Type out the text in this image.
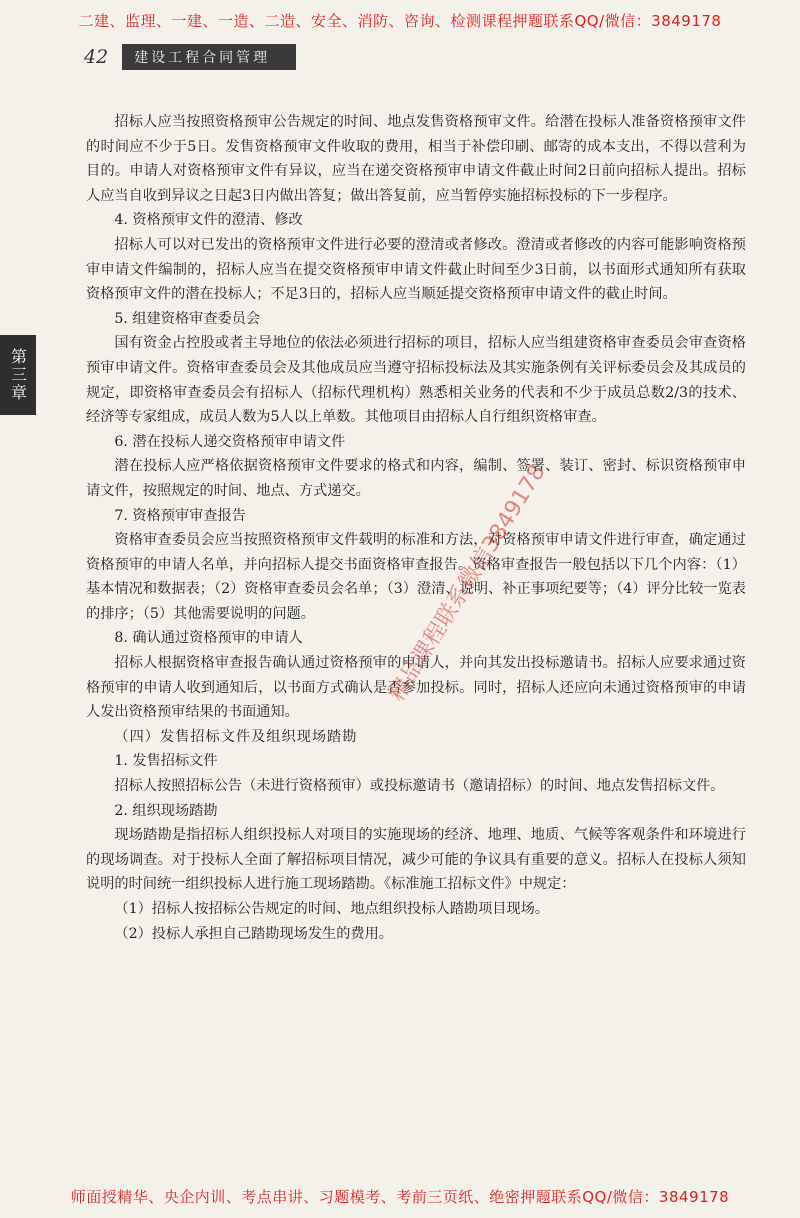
二建、监理、一建、一造、二造、安全、消防、咨询、检测课程押题联系QQ/微信：3849178
42	建设工程合同管理
第三章

招标人应当按照资格预审公告规定的时间、地点发售资格预审文件。给潜在投标人准备资格预审文件的时间应不少于5日。发售资格预审文件收取的费用，相当于补偿印刷、邮寄的成本支出，不得以营利为目的。申请人对资格预审文件有异议，应当在递交资格预审申请文件截止时间2日前向招标人提出。招标人应当自收到异议之日起3日内做出答复；做出答复前，应当暂停实施招标投标的下一步程序。

4. 资格预审文件的澄清、修改

招标人可以对已发出的资格预审文件进行必要的澄清或者修改。澄清或者修改的内容可能影响资格预审申请文件编制的，招标人应当在提交资格预审申请文件截止时间至少3日前，以书面形式通知所有获取资格预审文件的潜在投标人；不足3日的，招标人应当顺延提交资格预审申请文件的截止时间。

5. 组建资格审查委员会

国有资金占控股或者主导地位的依法必须进行招标的项目，招标人应当组建资格审查委员会审查资格预审申请文件。资格审查委员会及其他成员应当遵守招标投标法及其实施条例有关评标委员会及其成员的规定，即资格审查委员会有招标人（招标代理机构）熟悉相关业务的代表和不少于成员总数2/3的技术、经济等专家组成，成员人数为5人以上单数。其他项目由招标人自行组织资格审查。

6. 潜在投标人递交资格预审申请文件

潜在投标人应严格依据资格预审文件要求的格式和内容，编制、签署、装订、密封、标识资格预审申请文件，按照规定的时间、地点、方式递交。

7. 资格预审审查报告

资格审查委员会应当按照资格预审文件载明的标准和方法，对资格预审申请文件进行审查，确定通过资格预审的申请人名单，并向招标人提交书面资格审查报告。资格审查报告一般包括以下几个内容：（1）基本情况和数据表；（2）资格审查委员会名单；（3）澄清、说明、补正事项纪要等；（4）评分比较一览表的排序；（5）其他需要说明的问题。

8. 确认通过资格预审的申请人

招标人根据资格审查报告确认通过资格预审的申请人，并向其发出投标邀请书。招标人应要求通过资格预审的申请人收到通知后，以书面方式确认是否参加投标。同时，招标人还应向未通过资格预审的申请人发出资格预审结果的书面通知。

（四）发售招标文件及组织现场踏勘

1. 发售招标文件

招标人按照招标公告（未进行资格预审）或投标邀请书（邀请招标）的时间、地点发售招标文件。

2. 组织现场踏勘

现场踏勘是指招标人组织投标人对项目的实施现场的经济、地理、地质、气候等客观条件和环境进行的现场调查。对于投标人全面了解招标项目情况，减少可能的争议具有重要的意义。招标人在投标人须知说明的时间统一组织投标人进行施工现场踏勘。《标准施工招标文件》中规定：

（1）招标人按招标公告规定的时间、地点组织投标人踏勘项目现场。

（2）投标人承担自己踏勘现场发生的费用。

精品课程联系微信3849178
师面授精华、央企内训、考点串讲、习题模考、考前三页纸、绝密押题联系QQ/微信：3849178
